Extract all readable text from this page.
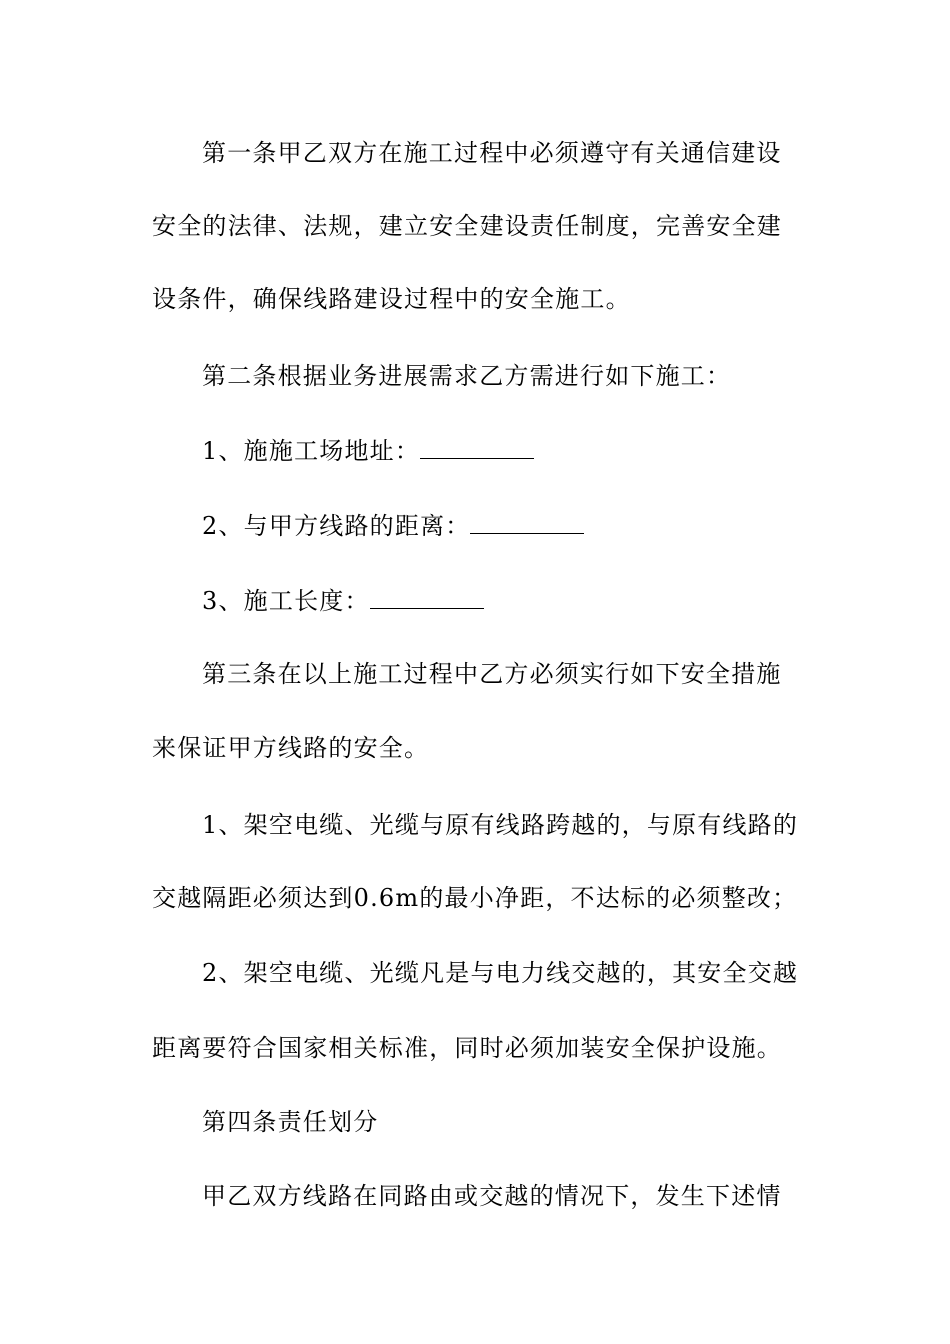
第一条甲乙双方在施工过程中必须遵守有关通信建设
安全的法律、法规，建立安全建设责任制度，完善安全建
设条件，确保线路建设过程中的安全施工。
第二条根据业务进展需求乙方需进行如下施工：
1、施施工场地址：
2、与甲方线路的距离：
3、施工长度：
第三条在以上施工过程中乙方必须实行如下安全措施
来保证甲方线路的安全。
1、架空电缆、光缆与原有线路跨越的，与原有线路的
交越隔距必须达到0.6m的最小净距，不达标的必须整改；
2、架空电缆、光缆凡是与电力线交越的，其安全交越
距离要符合国家相关标准，同时必须加装安全保护设施。
第四条责任划分
甲乙双方线路在同路由或交越的情况下，发生下述情
